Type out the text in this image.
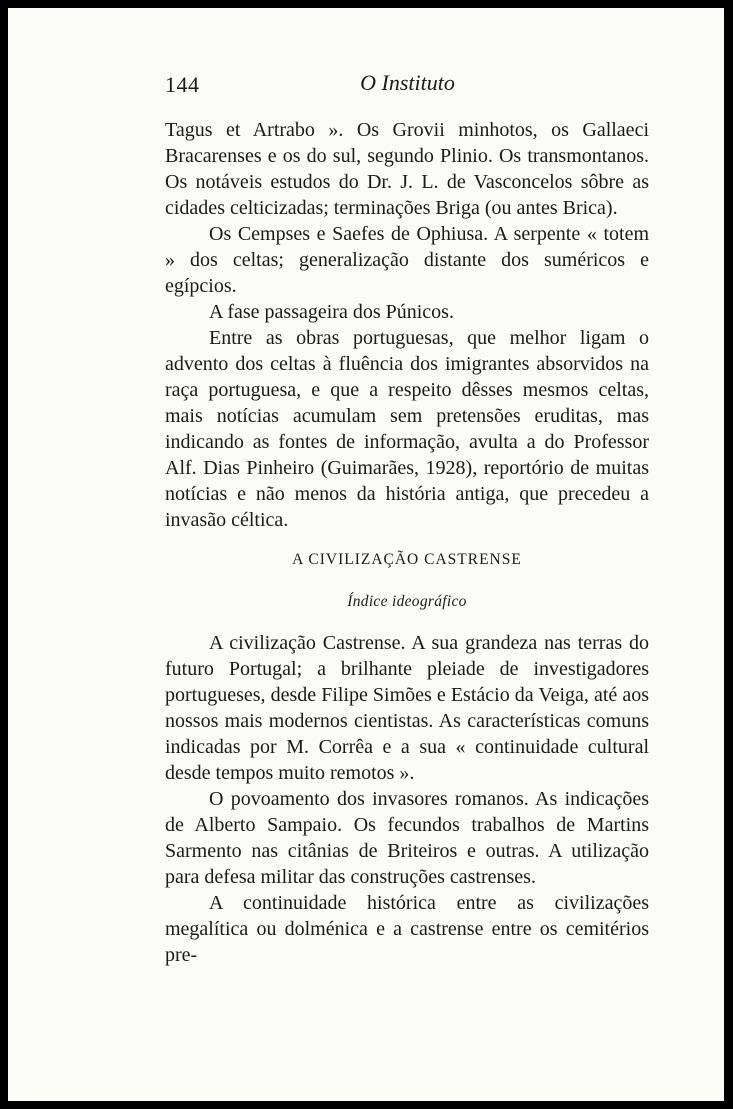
144	O Instituto

Tagus et Artrabo ». Os Grovii minhotos, os Gallaeci Bracarenses e os do sul, segundo Plinio. Os transmontanos. Os notáveis estudos do Dr. J. L. de Vasconcelos sôbre as cidades celticizadas; terminações Briga (ou antes Brica).

Os Cempses e Saefes de Ophiusa. A serpente « totem » dos celtas; generalização distante dos suméricos e egípcios.

A fase passageira dos Púnicos.

Entre as obras portuguesas, que melhor ligam o advento dos celtas à fluência dos imigrantes absorvidos na raça portuguesa, e que a respeito dêsses mesmos celtas, mais notícias acumulam sem pretensões eruditas, mas indicando as fontes de informação, avulta a do Professor Alf. Dias Pinheiro (Guimarães, 1928), reportório de muitas notícias e não menos da história antiga, que precedeu a invasão céltica.

A CIVILIZAÇÃO CASTRENSE
Índice ideográfico

A civilização Castrense. A sua grandeza nas terras do futuro Portugal; a brilhante pleiade de investigadores portugueses, desde Filipe Simões e Estácio da Veiga, até aos nossos mais modernos cientistas. As características comuns indicadas por M. Corrêa e a sua « continuidade cultural desde tempos muito remotos ».

O povoamento dos invasores romanos. As indicações de Alberto Sampaio. Os fecundos trabalhos de Martins Sarmento nas citânias de Briteiros e outras. A utilização para defesa militar das construções castrenses.

A continuidade histórica entre as civilizações megalítica ou dolménica e a castrense entre os cemitérios pre-
